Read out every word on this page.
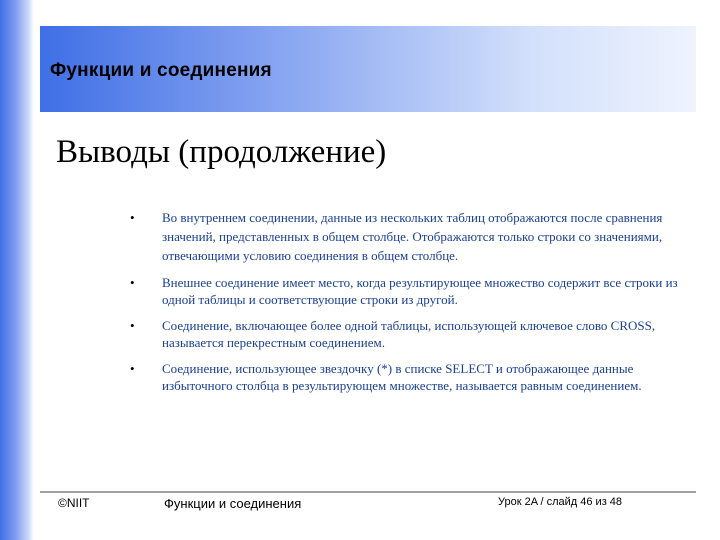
Функции и соединения
Выводы (продолжение)
• Во внутреннем соединении, данные из нескольких таблиц отображаются после сравнения значений, представленных в общем столбце. Отображаются только строки со значениями, отвечающими условию соединения в общем столбце.
• Внешнее соединение имеет место, когда результирующее множество содержит все строки из одной таблицы и соответствующие строки из другой.
• Соединение, включающее более одной таблицы, использующей ключевое слово CROSS, называется перекрестным соединением.
• Соединение, использующее звездочку (*) в списке SELECT и отображающее данные избыточного столбца в результирующем множестве, называется равным соединением.
©NIIT	Функции и соединения	Урок 2A / слайд 46 из 48
